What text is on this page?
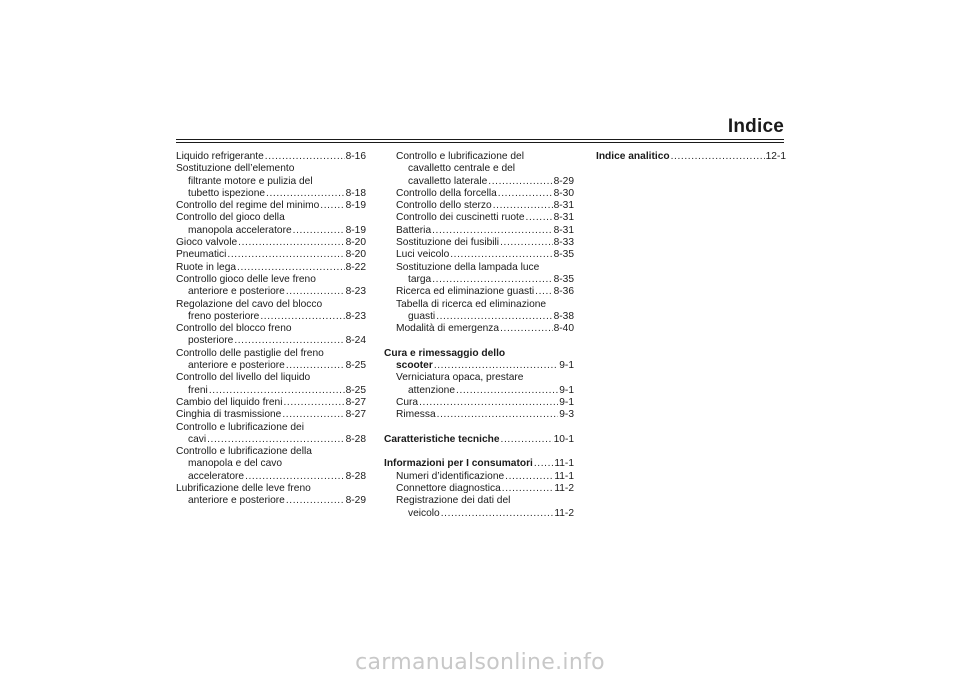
Indice
Liquido refrigerante .....	8-16
Sostituzione dell’elemento
filtrante motore e pulizia del
tubetto ispezione .....	8-18
Controllo del regime del minimo .....	8-19
Controllo del gioco della
manopola acceleratore .....	8-19
Gioco valvole .....	8-20
Pneumatici .....	8-20
Ruote in lega .....	8-22
Controllo gioco delle leve freno
anteriore e posteriore .....	8-23
Regolazione del cavo del blocco
freno posteriore .....	8-23
Controllo del blocco freno
posteriore .....	8-24
Controllo delle pastiglie del freno
anteriore e posteriore .....	8-25
Controllo del livello del liquido
freni .....	8-25
Cambio del liquido freni .....	8-27
Cinghia di trasmissione .....	8-27
Controllo e lubrificazione dei
cavi .....	8-28
Controllo e lubrificazione della
manopola e del cavo
acceleratore .....	8-28
Lubrificazione delle leve freno
anteriore e posteriore .....	8-29
Controllo e lubrificazione del
cavalletto centrale e del
cavalletto laterale .....	8-29
Controllo della forcella .....	8-30
Controllo dello sterzo .....	8-31
Controllo dei cuscinetti ruote .....	8-31
Batteria .....	8-31
Sostituzione dei fusibili .....	8-33
Luci veicolo .....	8-35
Sostituzione della lampada luce
targa .....	8-35
Ricerca ed eliminazione guasti ..... 8-36
Tabella di ricerca ed eliminazione
guasti .....	8-38
Modalità di emergenza .....	8-40
Cura e rimessaggio dello
scooter .....	9-1
Verniciatura opaca, prestare
attenzione .....	9-1
Cura .....	9-1
Rimessa .....	9-3
Caratteristiche tecniche .....	10-1
Informazioni per I consumatori ..... 11-1
Numeri d’identificazione .....	11-1
Connettore diagnostica .....	11-2
Registrazione dei dati del
veicolo .....	11-2
Indice analitico .....	12-1
carmanualsonline.info
